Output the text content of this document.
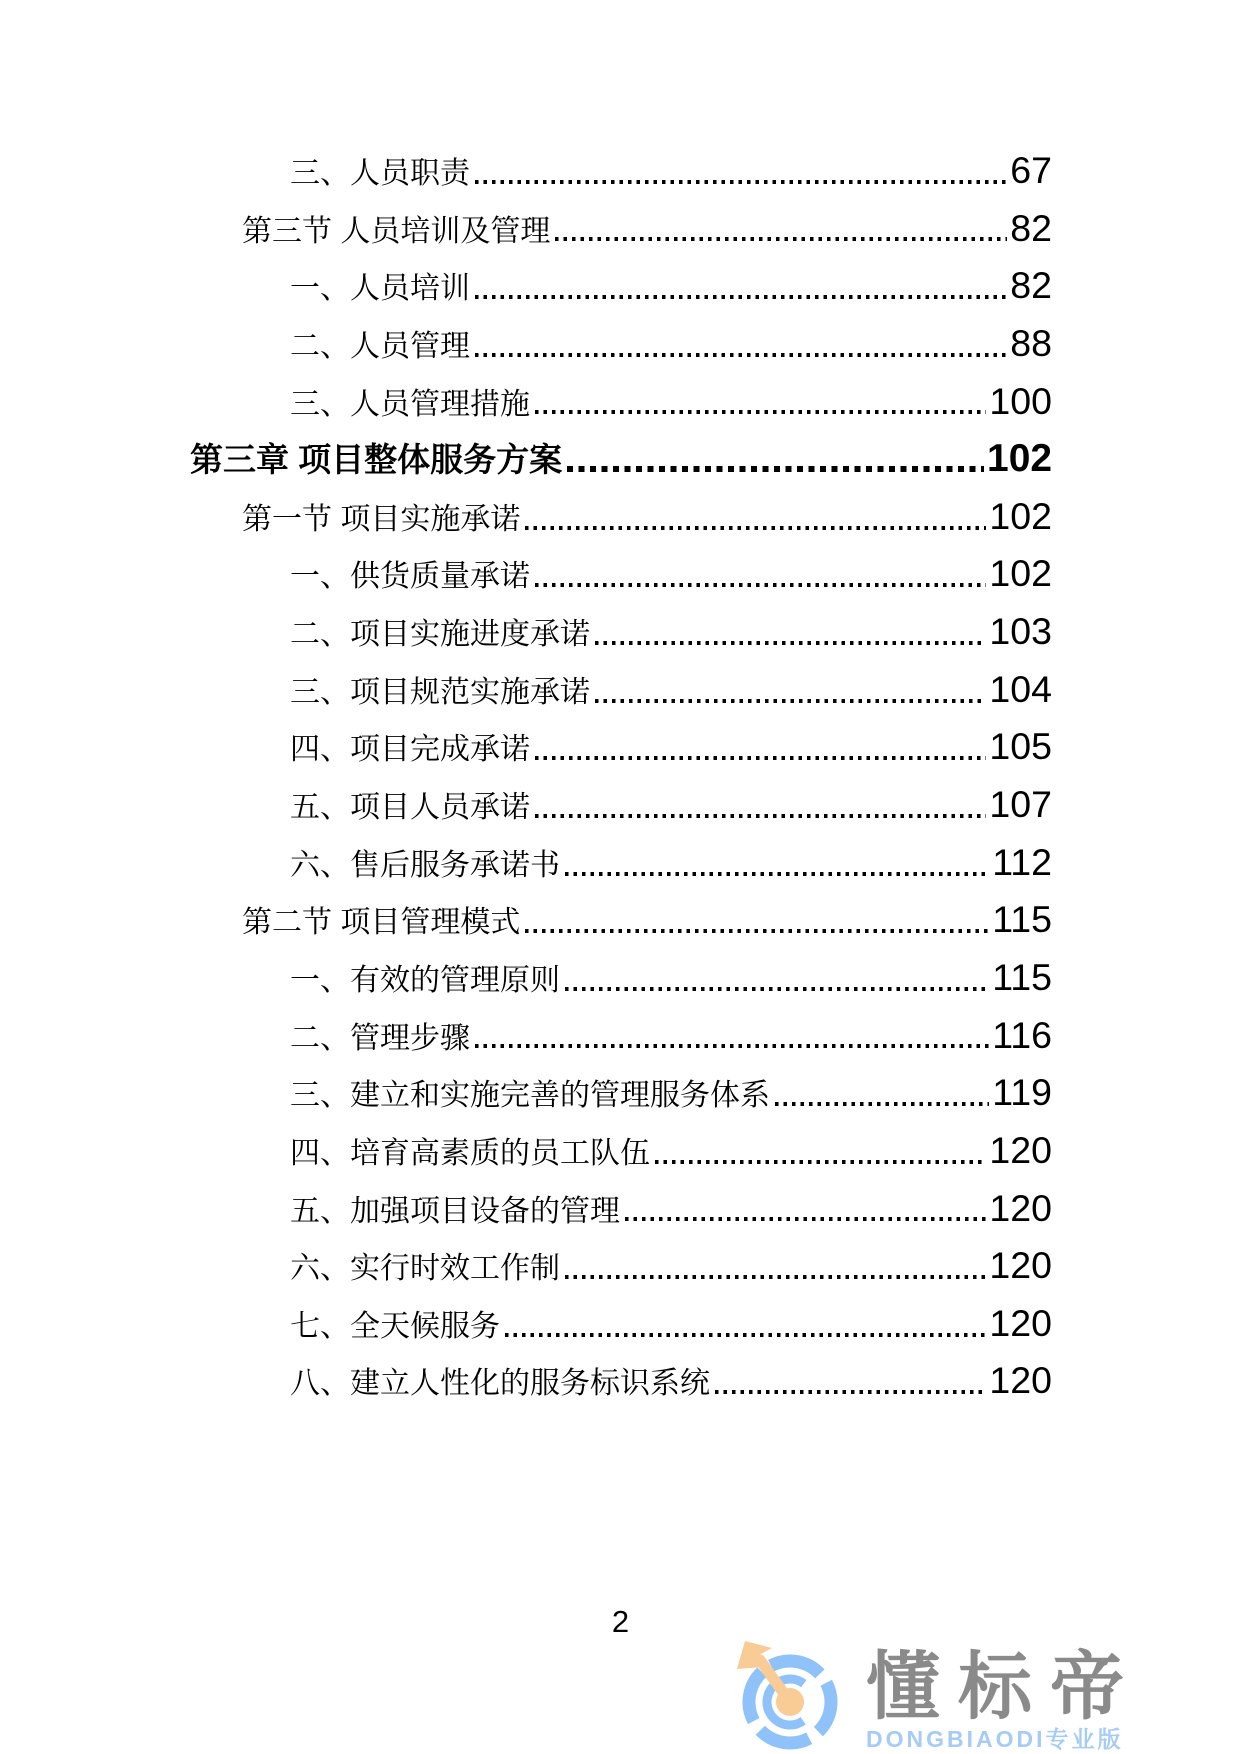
三、人员职责	67
第三节 人员培训及管理	82
一、人员培训	82
二、人员管理	88
三、人员管理措施	100
第三章 项目整体服务方案	102
第一节 项目实施承诺	102
一、供货质量承诺	102
二、项目实施进度承诺	103
三、项目规范实施承诺	104
四、项目完成承诺	105
五、项目人员承诺	107
六、售后服务承诺书	112
第二节 项目管理模式	115
一、有效的管理原则	115
二、管理步骤	116
三、建立和实施完善的管理服务体系	119
四、培育高素质的员工队伍	120
五、加强项目设备的管理	120
六、实行时效工作制	120
七、全天候服务	120
八、建立人性化的服务标识系统	120
2
懂标帝
DONGBIAODI专业版
